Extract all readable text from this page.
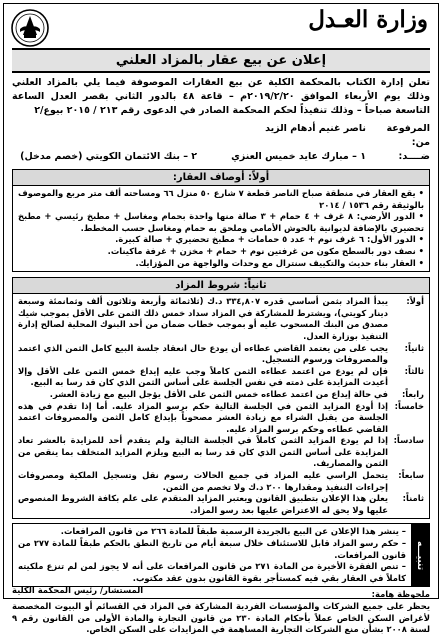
وزارة العـدل
إعلان عن بيع عقار بالمزاد العلني
تعلن إدارة الكتاب بالمحكمة الكلية عن بيع العقارات الموصوفة فيما يلي بالمزاد العلني وذلك يوم الأربعاء الموافق ٢٠١٩/٢/٢٠م – قاعة ٤٨ بالدور الثاني بقصر العدل الساعة التاسعة صباحاً – وذلك تنفيذاً لحكم المحكمة الصادر في الدعوى رقم ٢١٣ / ٢٠١٥ بيوع/٢
المرفوعة من:
ناصر غنيم أدهام الزيد
ضــــد:
١ – مبارك عايد خميس العنزي
٢ – بنك الائتمان الكويتي (خصم مدخل)
أولاً: أوصاف العقار:

• يقع العقار في منطقة صباح الناصر قطعة ٧ شارع ٥٠ منزل ٦٦ ومساحته ألف متر مربع والموصوف بالوثيقة رقم ١٥٣٦ / ٢٠١٤

• الدور الأرضي: ٨ غرف + ٤ حمام + ٣ صالة منها واحدة بحمام ومغاسل + مطبخ رئيسي + مطبخ تحضيري بالإضافة لديوانية بالحوش الأمامي وملحق به حمام ومغاسل حسب المخطط.

• الدور الأول: ٦ غرف نوم + عدد ٥ حمامات + مطبخ تحضيري + صالة كبيرة.

• نصف دور بالسطح مكون من غرفتين نوم + حمام + مخزن + غرفة ماكينات.

• العقار بناء حديث والتكييف سنترال مع وحدات والواجهة من المؤزايك.

ثانياً: شروط المزاد
أولاً:
يبدأ المزاد بثمن أساسي قدره ٣٣٤,٨٠٧ د.ك (ثلاثمائة وأربعة وثلاثون ألف وثمانمئة وسبعة دينار كويتي)، ويشترط للمشاركة في المزاد سداد خمس ذلك الثمن على الأقل بموجب شيك مصدق من البنك المسحوب عليه أو بموجب خطاب ضمان من أحد البنوك المحلية لصالح إدارة التنفيذ بوزارة العدل.
ثانياً:
يجب على من يعتمد القاضي عطاءه أن يودع حال انعقاد جلسة البيع كامل الثمن الذي اعتمد والمصروفات ورسوم التسجيل.
ثالثاً:
فإن لم يودع من اعتمد عطاءه الثمن كاملاً وجب عليه إيداع خمس الثمن على الأقل وإلا أعيدت المزايدة على ذمته في نفس الجلسة على أساس الثمن الذي كان قد رسا به البيع.
رابعاً:
في حالة إيداع من اعتمد عطاءه خمس الثمن على الأقل يؤجل البيع مع زيادة العشر.
خامساً:
إذا أودع المزايد الثمن في الجلسة التالية حكم برسو المزاد عليه. أما إذا تقدم في هذه الجلسة من يقبل الشراء مع زيادة العشر مصحوباً بإيداع كامل الثمن والمصروفات اعتمد القاضي عطاءه وحكم برسو المزاد عليه.
سادساً:
إذا لم يودع المزايد الثمن كاملاً في الجلسة التالية ولم يتقدم أحد للمزايدة بالعشر تعاد المزايدة على أساس الثمن الذي كان قد رسا به البيع ويلزم المزايد المتخلف بما ينقص من الثمن والمصاريف.
سابعاً:
يتحمل الراسي عليه المزاد في جميع الحالات رسوم نقل وتسجيل الملكية ومصروفات إجراءات التنفيذ ومقدارها ٢٠٠ د.ك ولا تخصم من الثمن.
ثامناً:
يعلن هذا الإعلان بتطبيق القانون ويعتبر المزايد المتقدم على علم بكافة الشروط المنصوص عليها ولا يحق له الاعتراض عليها بعد رسو المزاد.
تنبيـــه

– ينشر هذا الإعلان عن البيع بالجريدة الرسمية طبقاً للمادة ٢٦٦ من قانون المرافعات.

– حكم رسو المزاد قابل للاستئناف خلال سبعة أيام من تاريخ النطق بالحكم طبقاً للمادة ٢٧٧ من قانون المرافعات.

– تنص الفقرة الأخيرة من المادة ٢٧١ من قانون المرافعات على أنه لا يجوز لمن لم تنزع ملكيته كاملاً في العقار بقي فيه كمستأجر بقوة القانون بدون عقد مكتوب.

ملحوظة هامة:

يحظر على جميع الشركات والمؤسسات الفردية المشاركة في المزاد في القسائم أو البيوت المخصصة لأغراض السكن الخاص عملاً بأحكام المادة ٢٣٠ من قانون التجارة والمادة الأولى من القانون رقم ٩ لسنة ٢٠٠٨ بشأن منع الشركات التجارية المساهمة في المزايدات على السكن الخاص.

المستشار/ رئيس المحكمة الكلية
